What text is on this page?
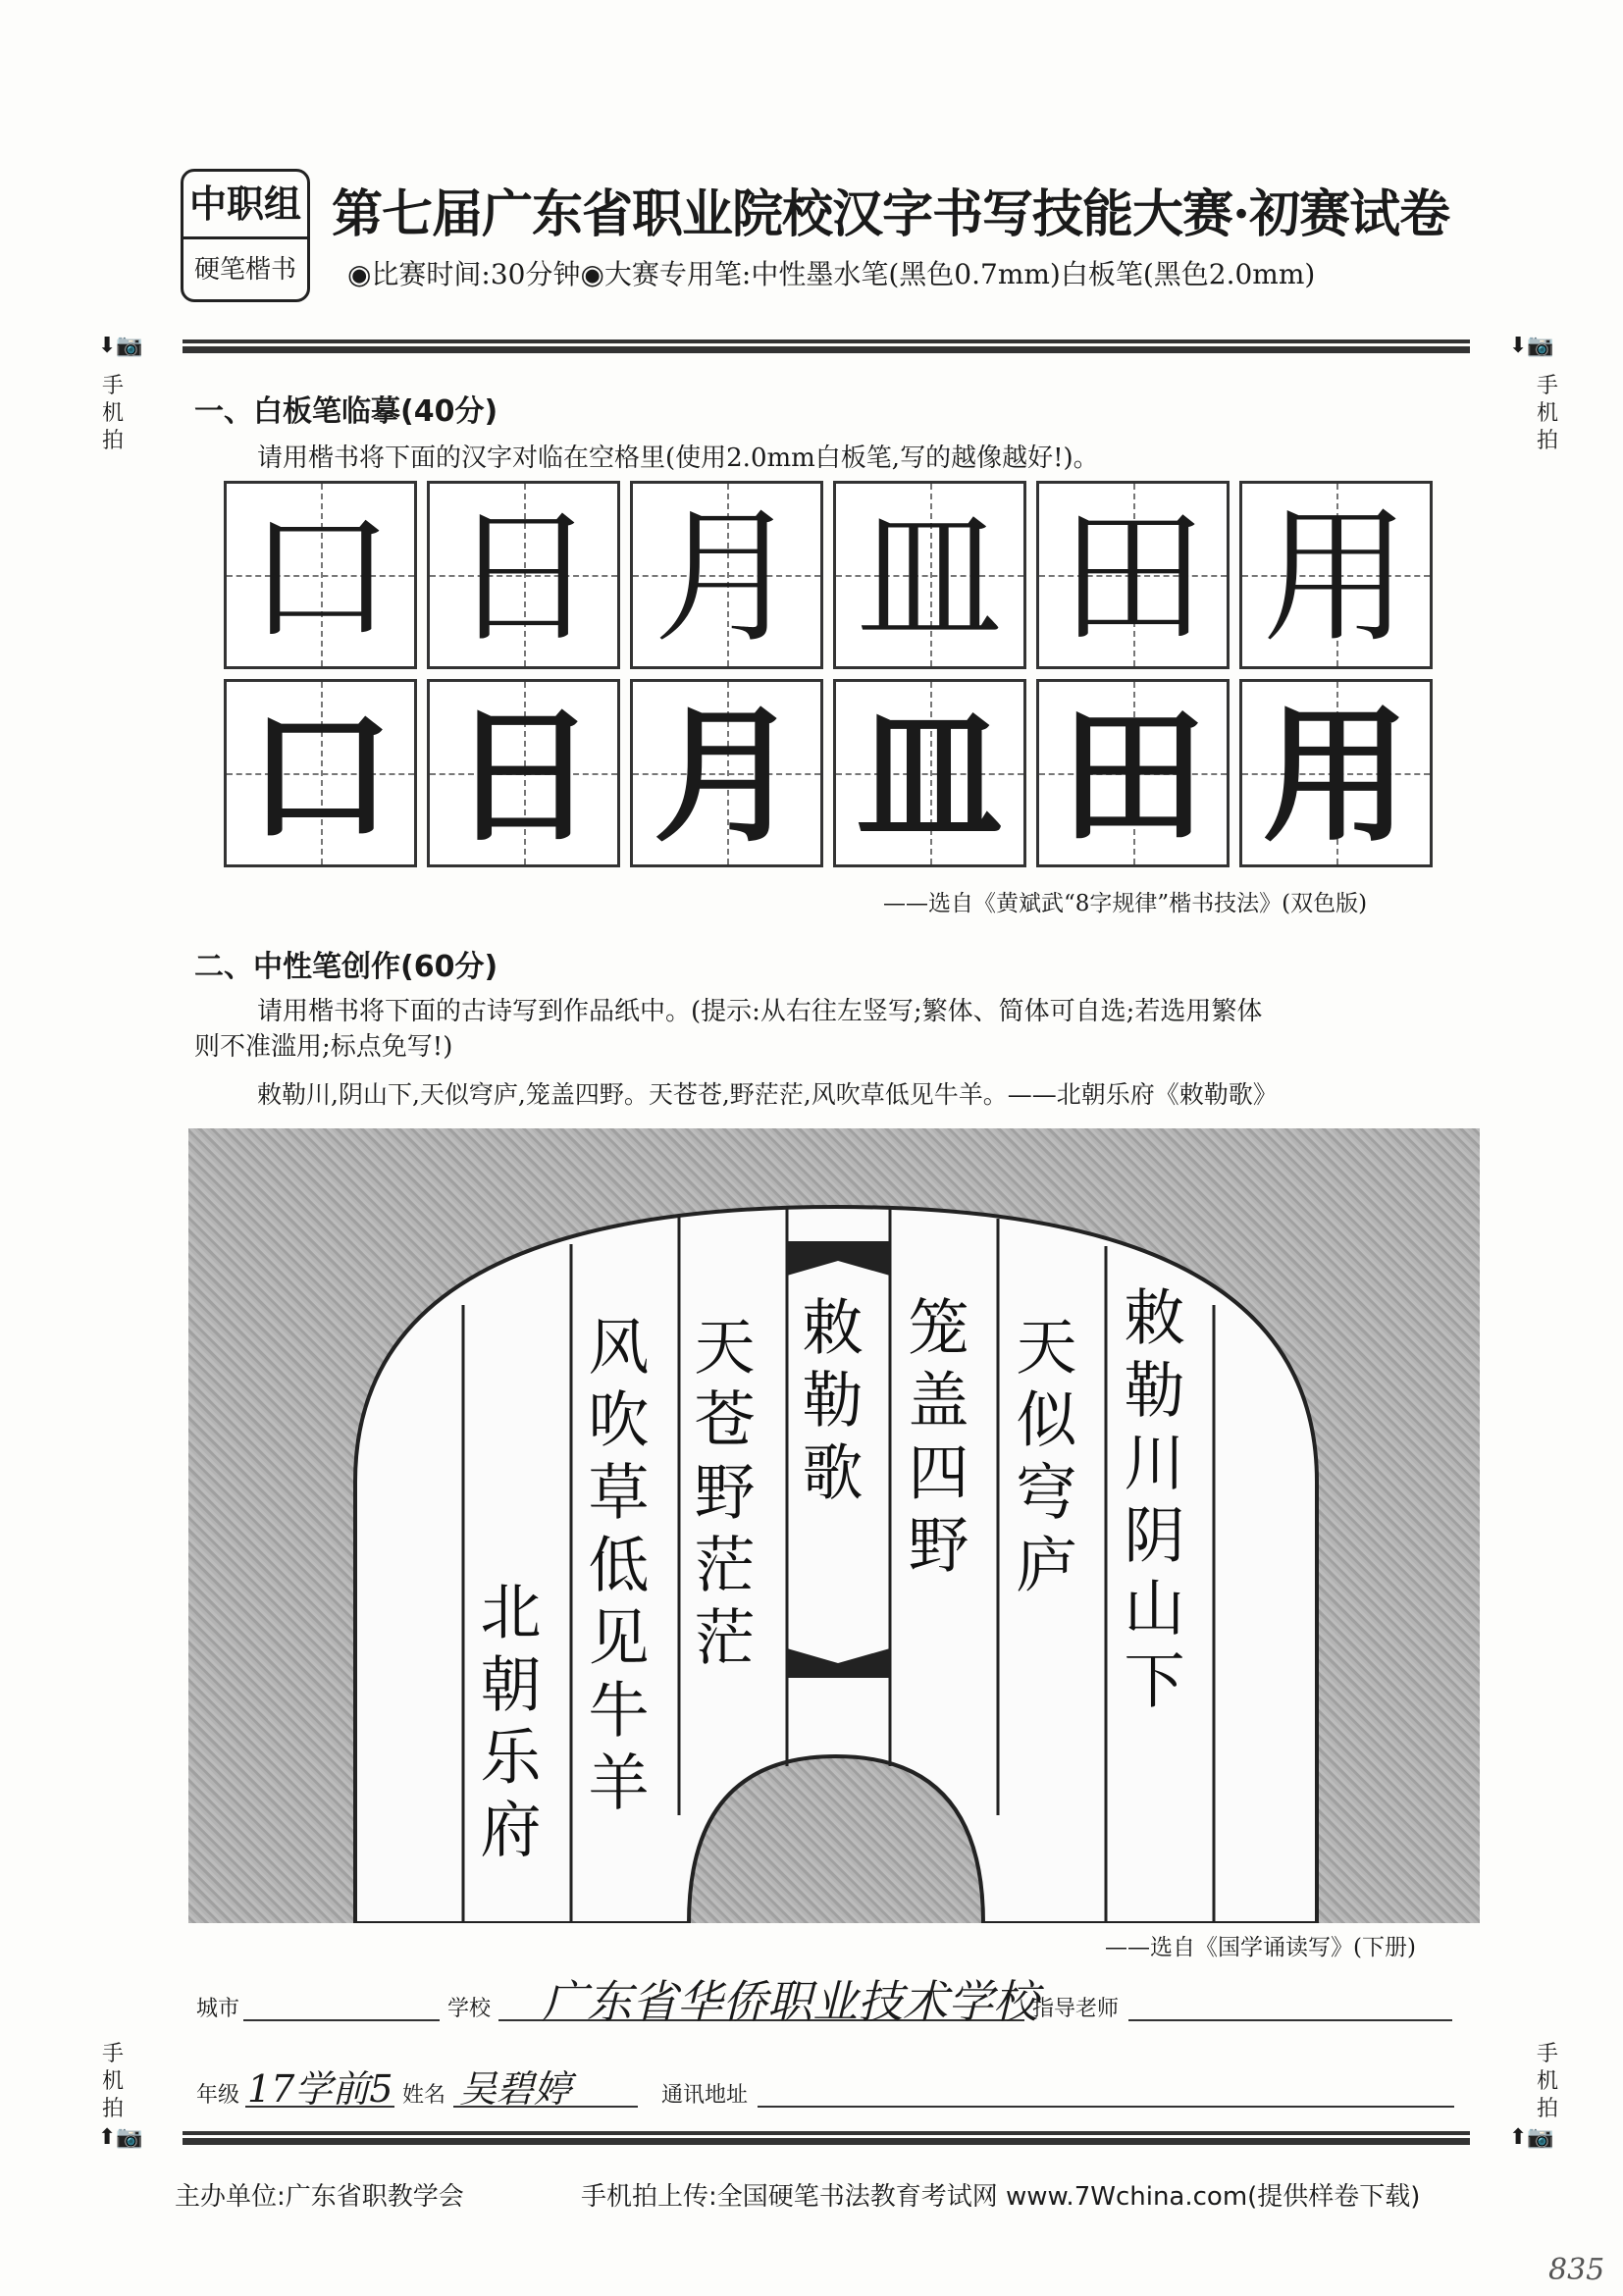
中职组
硬笔楷书
第七届广东省职业院校汉字书写技能大赛·初赛试卷
◉比赛时间:30分钟◉大赛专用笔:中性墨水笔(黑色0.7mm)白板笔(黑色2.0mm)
⬇📷	⬇📷
手机拍
手机拍
一、白板笔临摹(40分)
请用楷书将下面的汉字对临在空格里(使用2.0mm白板笔,写的越像越好!)。
口 日 月 皿 田 用
口 日 月 皿 田 用
——选自《黄斌武“8字规律”楷书技法》(双色版)
二、中性笔创作(60分)
请用楷书将下面的古诗写到作品纸中。(提示:从右往左竖写;繁体、简体可自选;若选用繁体
则不准滥用;标点免写!)
敕勒川,阴山下,天似穹庐,笼盖四野。天苍苍,野茫茫,风吹草低见牛羊。——北朝乐府《敕勒歌》
敕勒川阴山下
天似穹庐
笼盖四野
敕勒歌
天苍野茫茫
风吹草低见牛羊
北朝乐府
——选自《国学诵读写》(下册)
城市	学校 广东省华侨职业技术学校
指导老师
手机拍
手机拍
年级 17学前5 姓名 吴碧婷	通讯地址
⬆📷	⬆📷
主办单位:广东省职教学会	手机拍上传:全国硬笔书法教育考试网 www.7Wchina.com(提供样卷下载)
835
